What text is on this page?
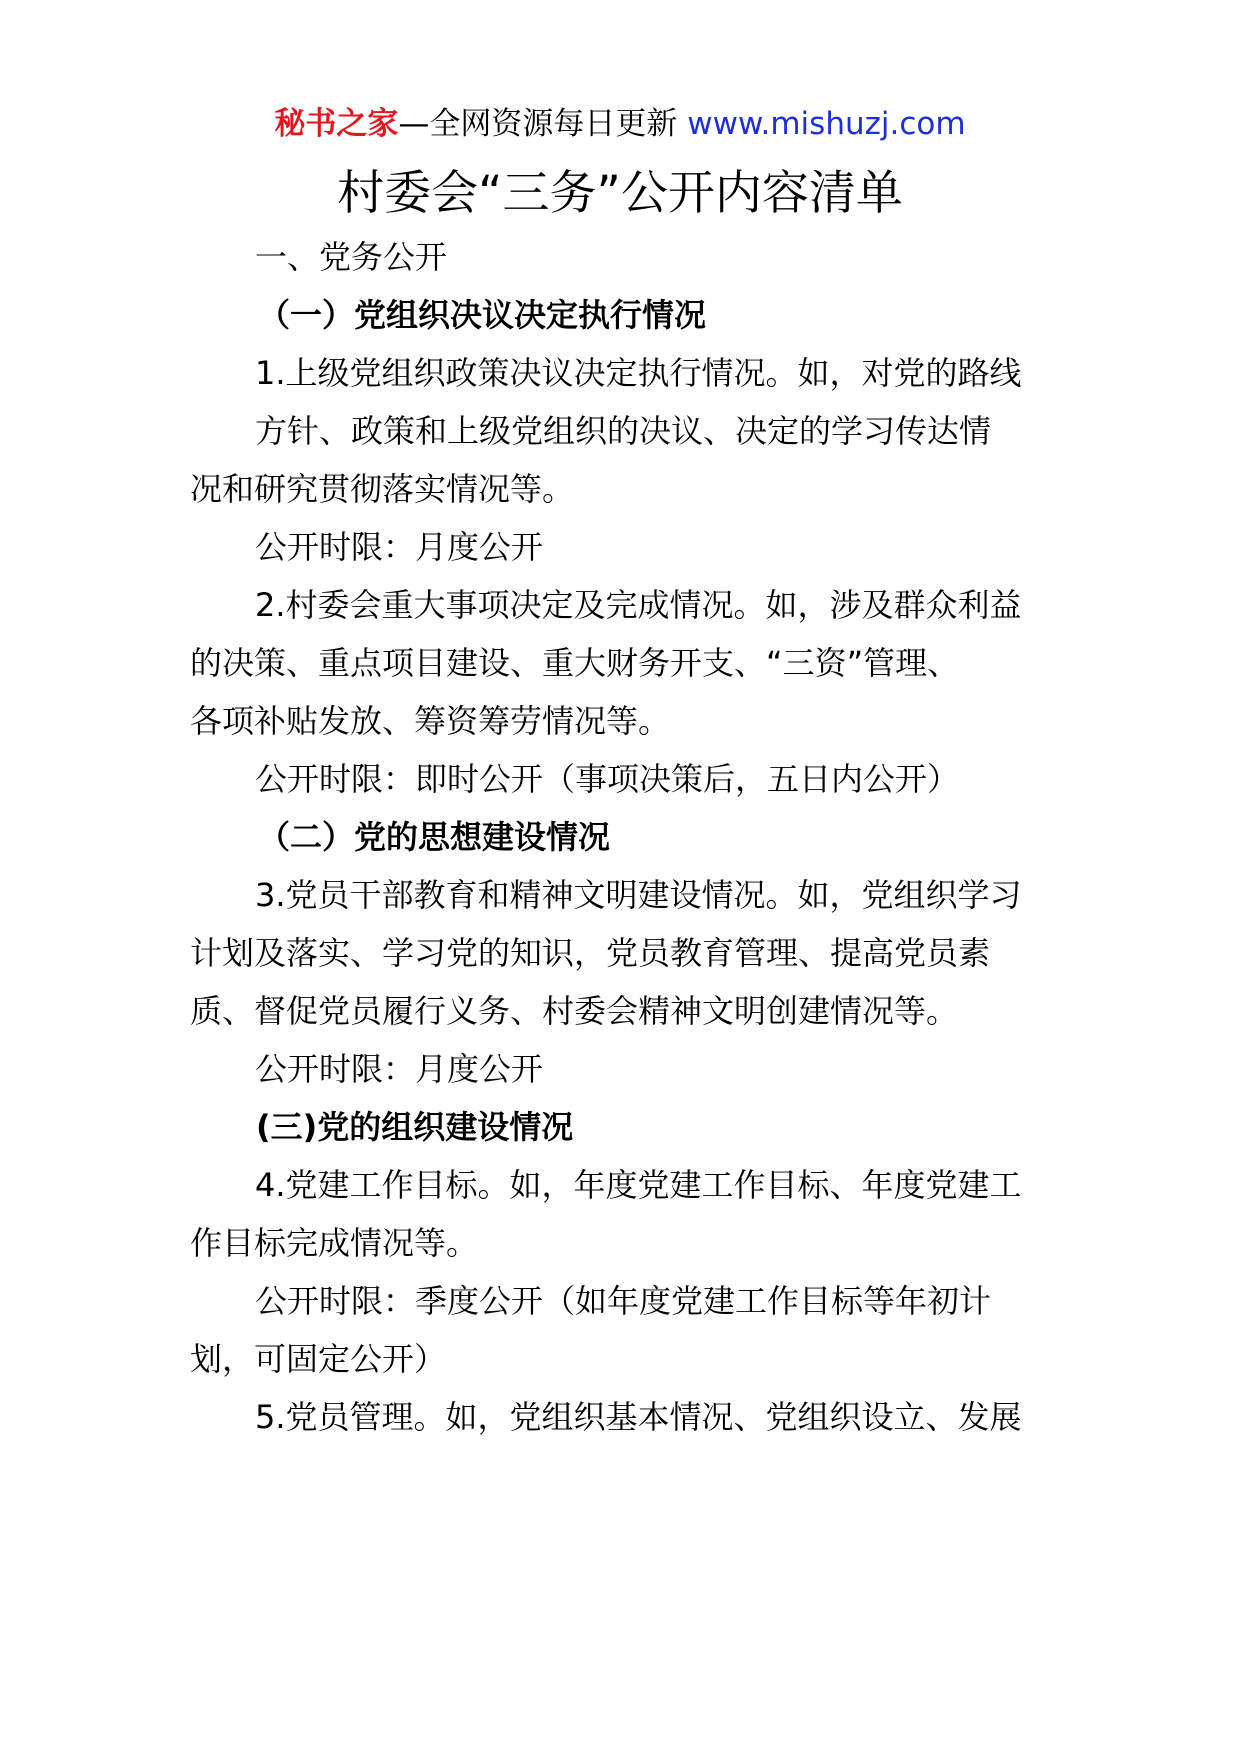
秘书之家—全网资源每日更新 www.mishuzj.com
村委会“三务”公开内容清单
一、党务公开
（一）党组织决议决定执行情况
1.上级党组织政策决议决定执行情况。如，对党的路线
方针、政策和上级党组织的决议、决定的学习传达情
况和研究贯彻落实情况等。
公开时限：月度公开
2.村委会重大事项决定及完成情况。如，涉及群众利益
的决策、重点项目建设、重大财务开支、“三资”管理、
各项补贴发放、筹资筹劳情况等。
公开时限：即时公开（事项决策后，五日内公开）
（二）党的思想建设情况
3.党员干部教育和精神文明建设情况。如，党组织学习
计划及落实、学习党的知识，党员教育管理、提高党员素
质、督促党员履行义务、村委会精神文明创建情况等。
公开时限：月度公开
(三)党的组织建设情况
4.党建工作目标。如，年度党建工作目标、年度党建工
作目标完成情况等。
公开时限：季度公开（如年度党建工作目标等年初计
划，可固定公开）
5.党员管理。如，党组织基本情况、党组织设立、发展
